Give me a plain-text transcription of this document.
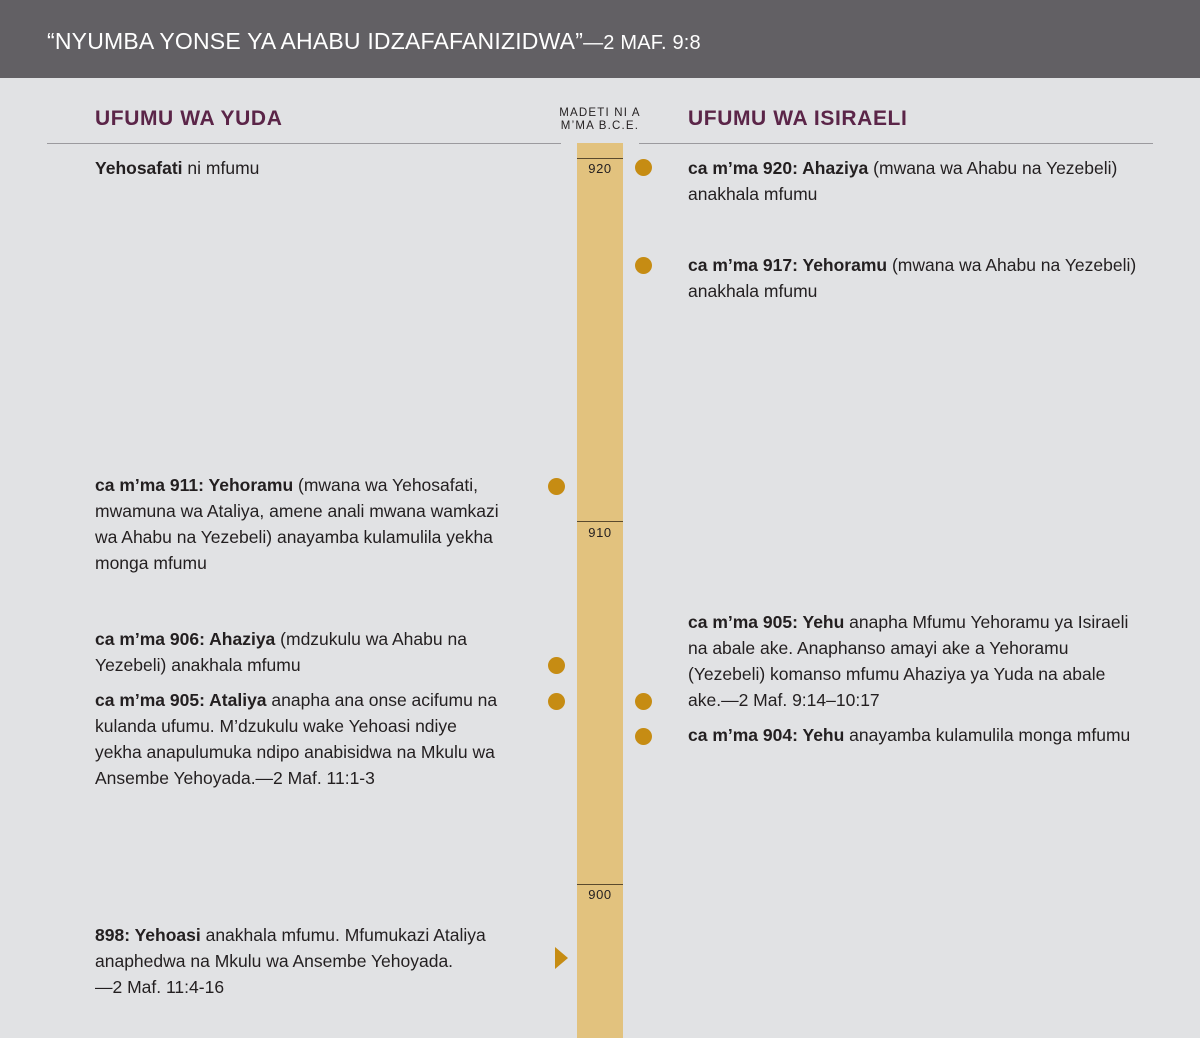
“NYUMBA YONSE YA AHABU IDZAFAFANIZIDWA”—2 MAF. 9:8
UFUMU WA YUDA	UFUMU WA ISIRAELI
MADETI NI A
M’MA B.C.E.
920
910
900
Yehosafati ni mfumu
ca m’ma 911: Yehoramu (mwana wa Yehosafati, mwamuna wa Ataliya, amene anali mwana wamkazi wa Ahabu na Yezebeli) anayamba kulamulila yekha monga mfumu
ca m’ma 906: Ahaziya (mdzukulu wa Ahabu na Yezebeli) anakhala mfumu
ca m’ma 905: Ataliya anapha ana onse acifumu na kulanda ufumu. M’dzukulu wake Yehoasi ndiye yekha anapulumuka ndipo anabisidwa na Mkulu wa Ansembe Yehoyada.—2 Maf. 11:1-3
898: Yehoasi anakhala mfumu. Mfumukazi Ataliya anaphedwa na Mkulu wa Ansembe Yehoyada.
—2 Maf. 11:4-16
ca m’ma 920: Ahaziya (mwana wa Ahabu na Yezebeli) anakhala mfumu
ca m’ma 917: Yehoramu (mwana wa Ahabu na Yezebeli) anakhala mfumu
ca m’ma 905: Yehu anapha Mfumu Yehoramu ya Isiraeli na abale ake. Anaphanso amayi ake a Yehoramu (Yezebeli) komanso mfumu Ahaziya ya Yuda na abale ake.—2 Maf. 9:14–10:17
ca m’ma 904: Yehu anayamba kulamulila monga mfumu
